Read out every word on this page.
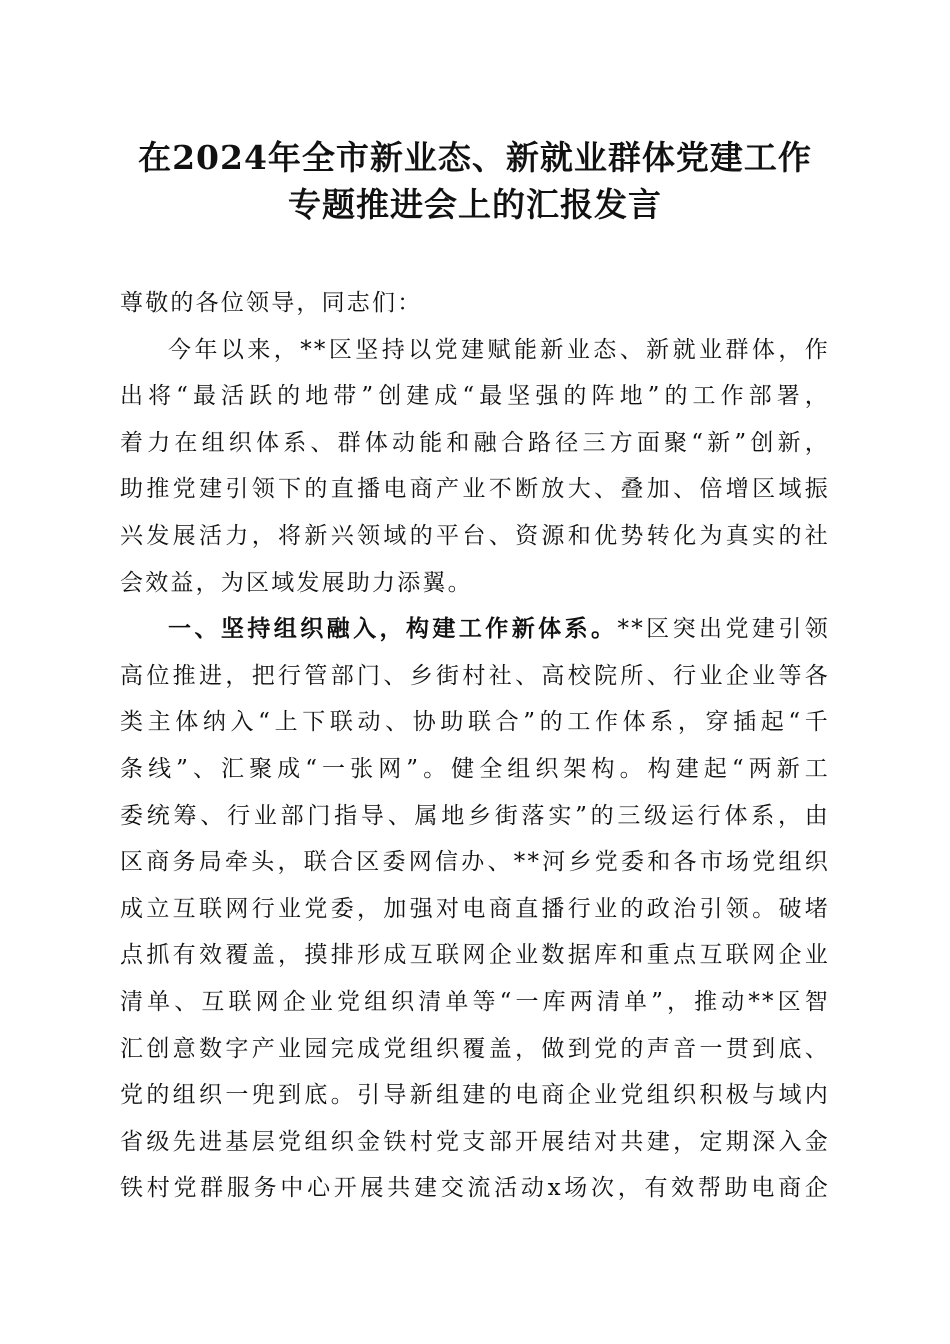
在2024年全市新业态、新就业群体党建工作
专题推进会上的汇报发言
尊敬的各位领导，同志们：
今年以来，**区坚持以党建赋能新业态、新就业群体，作
出将“最活跃的地带”创建成“最坚强的阵地”的工作部署，
着力在组织体系、群体动能和融合路径三方面聚“新”创新，
助推党建引领下的直播电商产业不断放大、叠加、倍增区域振
兴发展活力，将新兴领域的平台、资源和优势转化为真实的社
会效益，为区域发展助力添翼。
一、坚持组织融入，构建工作新体系。**区突出党建引领
高位推进，把行管部门、乡街村社、高校院所、行业企业等各
类主体纳入“上下联动、协助联合”的工作体系，穿插起“千
条线”、汇聚成“一张网”。健全组织架构。构建起“两新工
委统筹、行业部门指导、属地乡街落实”的三级运行体系，由
区商务局牵头，联合区委网信办、**河乡党委和各市场党组织
成立互联网行业党委，加强对电商直播行业的政治引领。破堵
点抓有效覆盖，摸排形成互联网企业数据库和重点互联网企业
清单、互联网企业党组织清单等“一库两清单”，推动**区智
汇创意数字产业园完成党组织覆盖，做到党的声音一贯到底、
党的组织一兜到底。引导新组建的电商企业党组织积极与域内
省级先进基层党组织金铁村党支部开展结对共建，定期深入金
铁村党群服务中心开展共建交流活动x场次，有效帮助电商企
